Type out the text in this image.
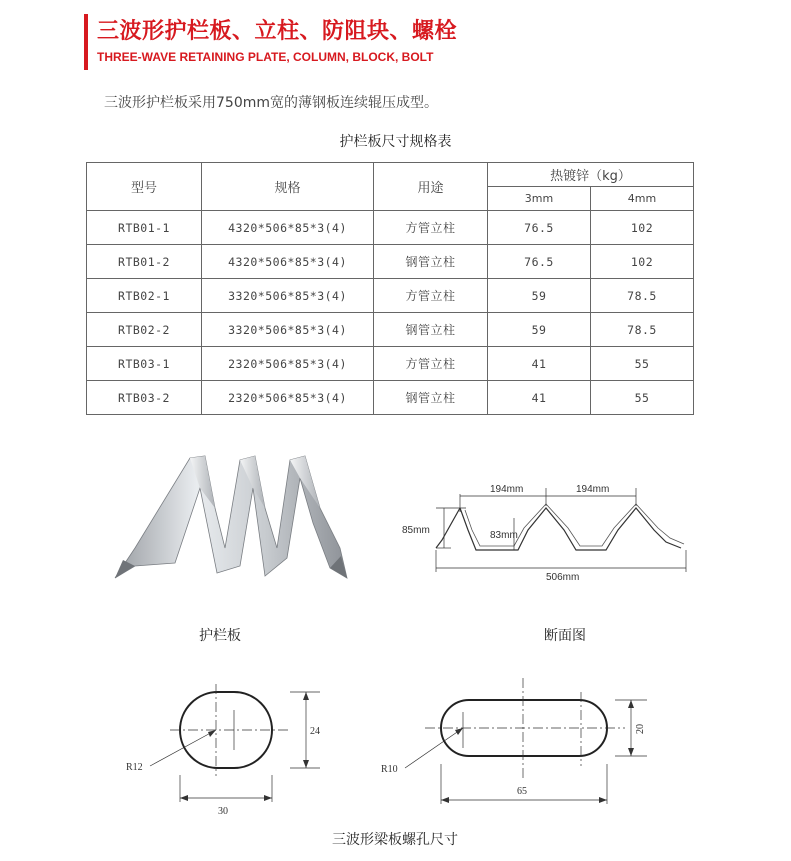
三波形护栏板、立柱、防阻块、螺栓
THREE-WAVE RETAINING PLATE, COLUMN, BLOCK, BOLT
三波形护栏板采用750mm宽的薄钢板连续辊压成型。
护栏板尺寸规格表
型号	规格	用途	热镀锌（kg）	
			3mm	4mm
RTB01-1	4320*506*85*3(4)	方管立柱	76.5	102
RTB01-2	4320*506*85*3(4)	钢管立柱	76.5	102
RTB02-1	3320*506*85*3(4)	方管立柱	59	78.5
RTB02-2	3320*506*85*3(4)	钢管立柱	59	78.5
RTB03-1	2320*506*85*3(4)	方管立柱	41	55
RTB03-2	2320*506*85*3(4)	钢管立柱	41	55
194mm	194mm
85mm	83mm
506mm
护栏板	断面图
R12
24
30
R10
20
65
三波形梁板螺孔尺寸
